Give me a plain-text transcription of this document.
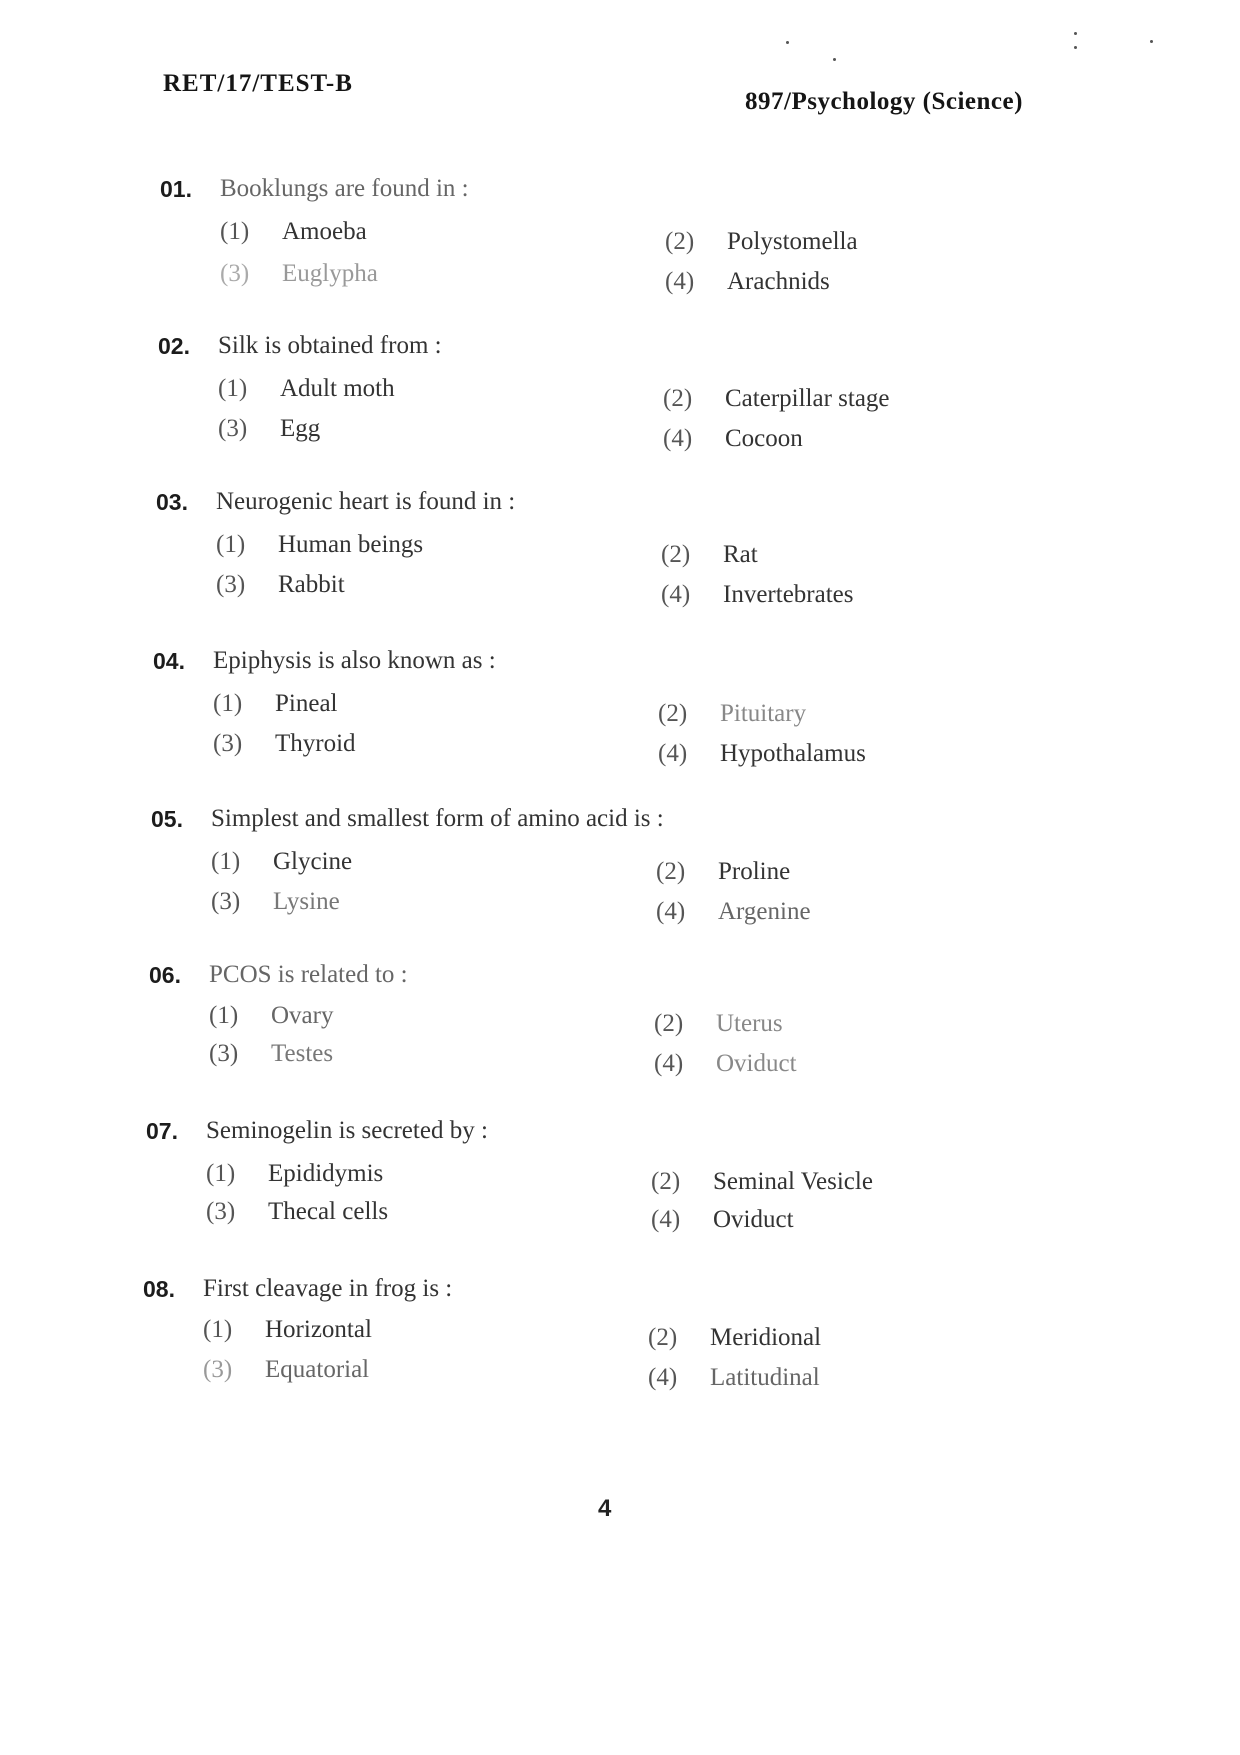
RET/17/TEST-B
897/Psychology (Science)
01. Booklungs are found in :
(1) Amoeba	(2) Polystomella
(3) Euglypha	(4) Arachnids
02. Silk is obtained from :
(1) Adult moth	(2) Caterpillar stage
(3) Egg	(4) Cocoon
03. Neurogenic heart is found in :
(1) Human beings	(2) Rat
(3) Rabbit	(4) Invertebrates
04. Epiphysis is also known as :
(1) Pineal	(2) Pituitary
(3) Thyroid	(4) Hypothalamus
05. Simplest and smallest form of amino acid is :
(1) Glycine	(2) Proline
(3) Lysine	(4) Argenine
06. PCOS is related to :
(1) Ovary	(2) Uterus
(3) Testes	(4) Oviduct
07. Seminogelin is secreted by :
(1) Epididymis	(2) Seminal Vesicle
(3) Thecal cells	(4) Oviduct
08. First cleavage in frog is :
(1) Horizontal	(2) Meridional
(3) Equatorial	(4) Latitudinal
4
